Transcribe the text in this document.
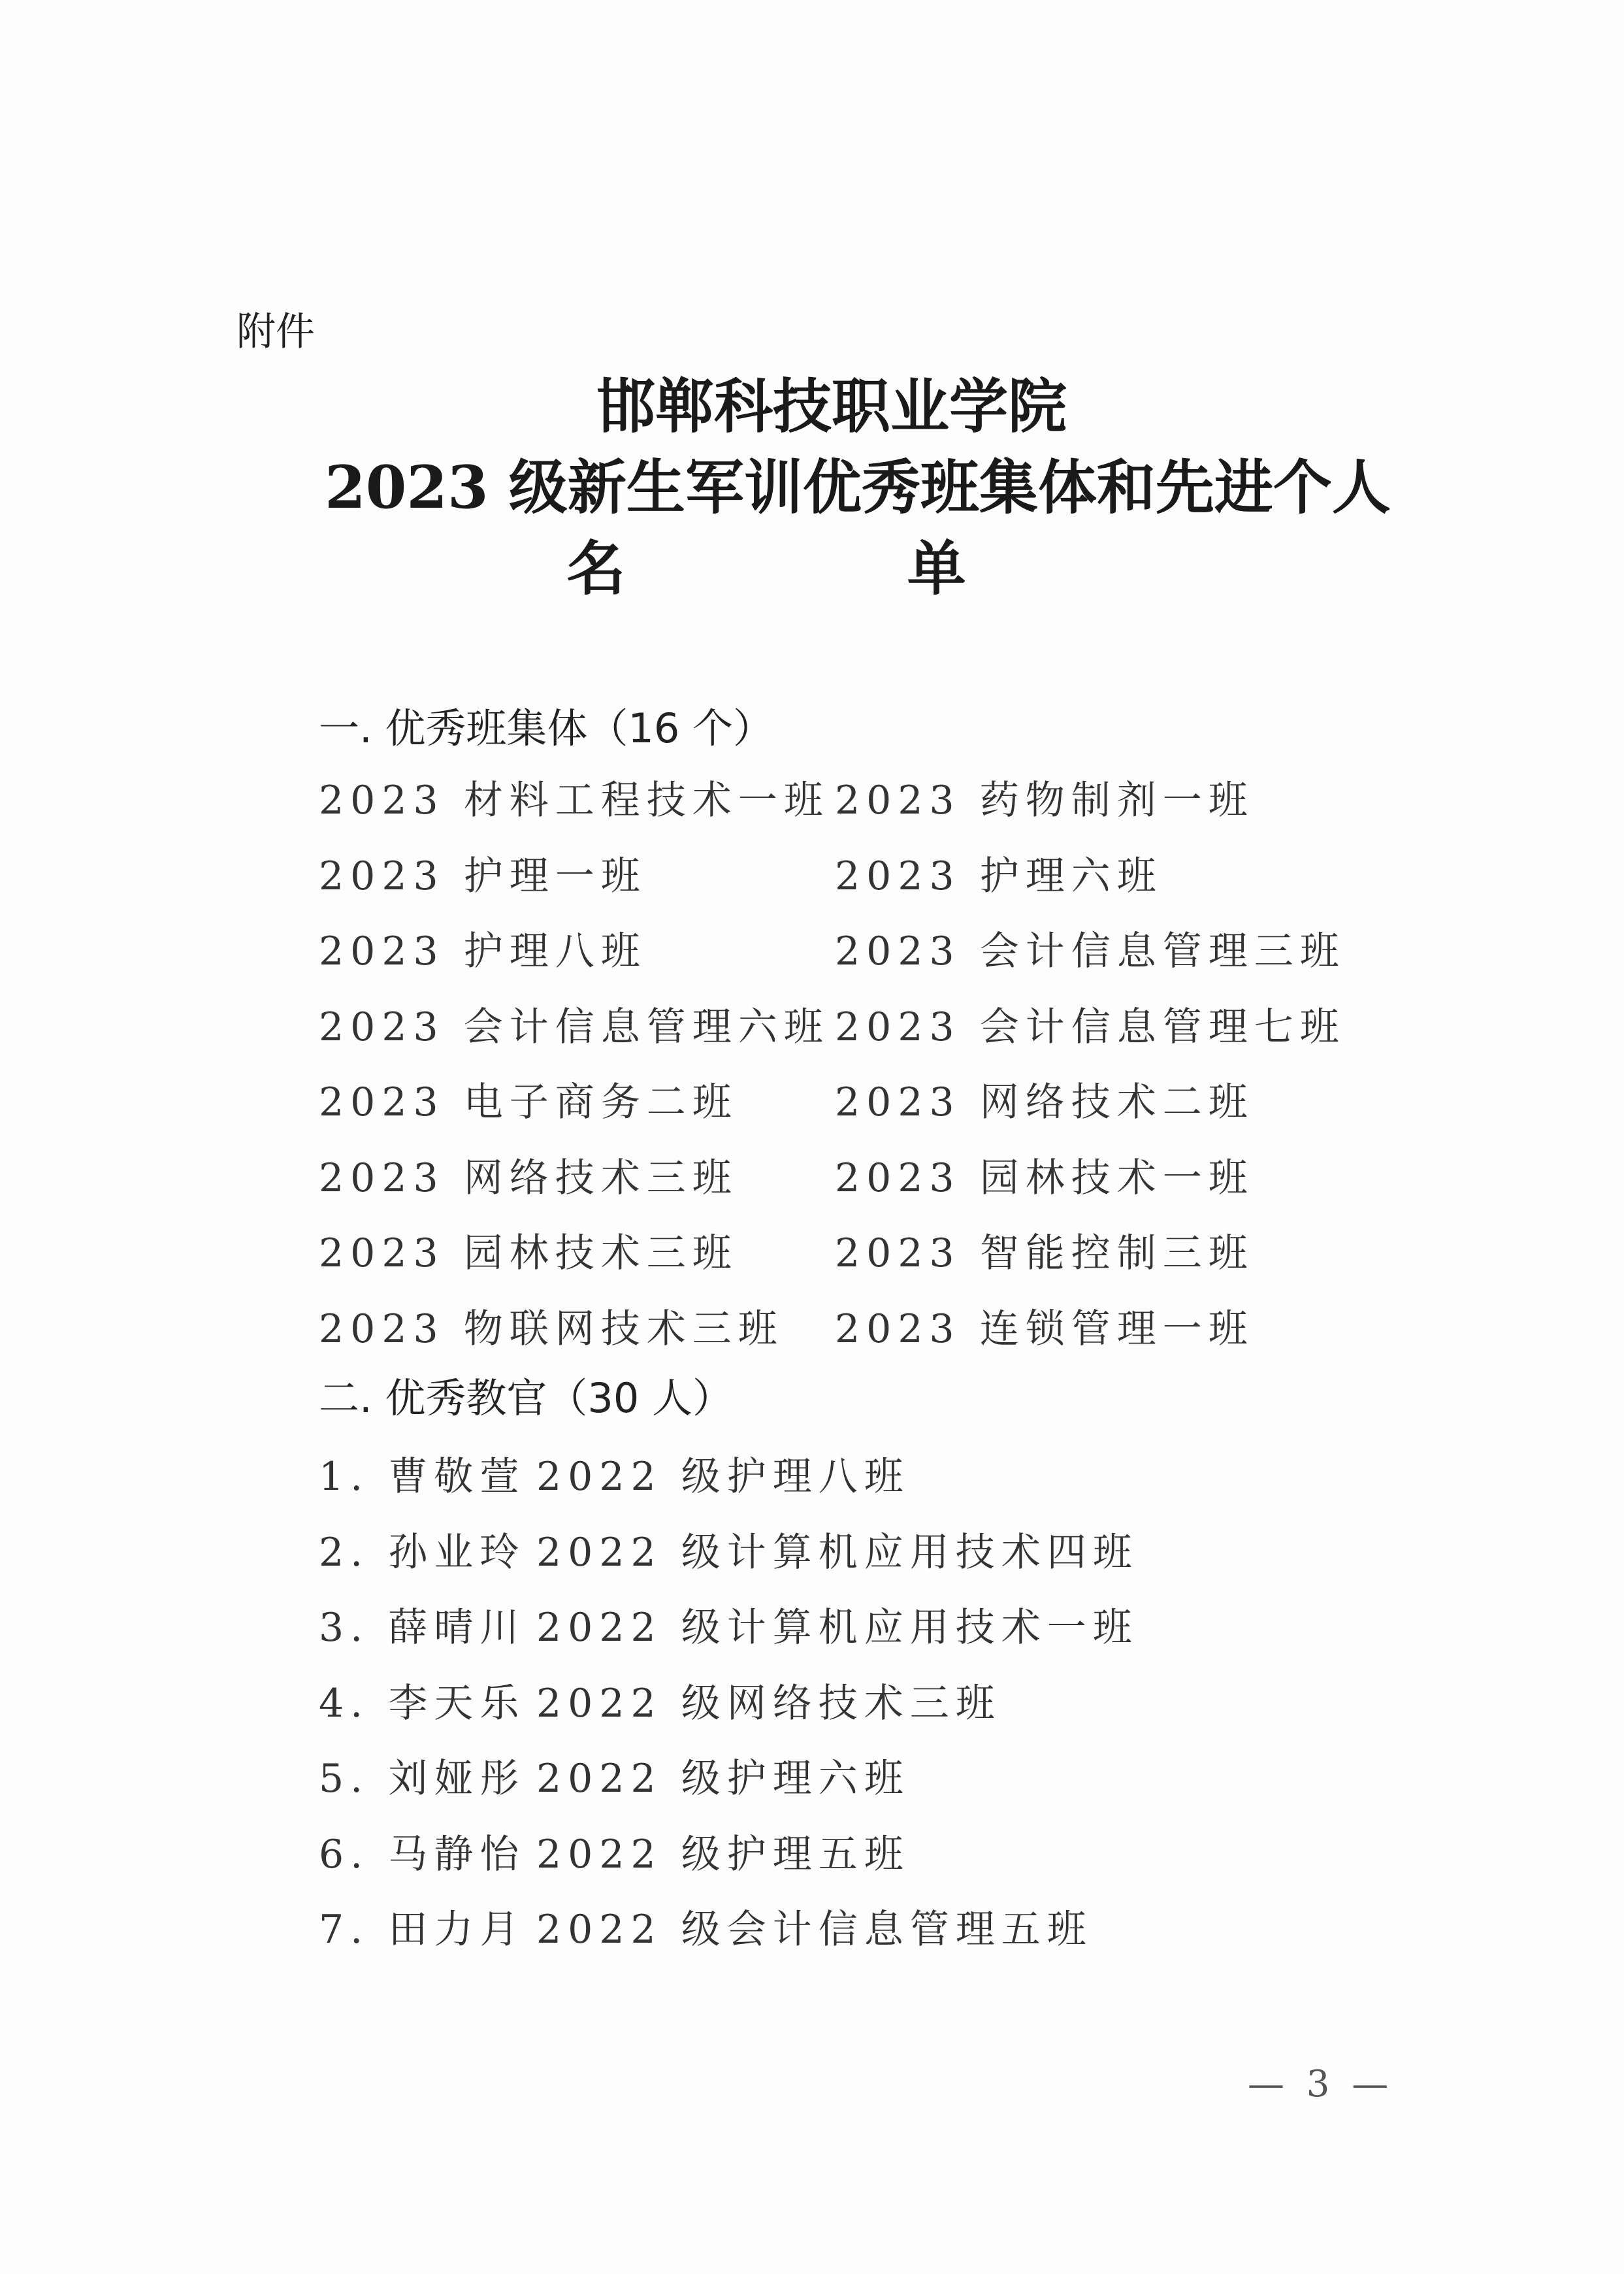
附件
邯郸科技职业学院
2023 级新生军训优秀班集体和先进个人
名 单
一. 优秀班集体（16 个）
2023 材料工程技术一班 2023 药物制剂一班
2023 护理一班	2023 护理六班
2023 护理八班	2023 会计信息管理三班
2023 会计信息管理六班 2023 会计信息管理七班
2023 电子商务二班 2023 网络技术二班
2023 网络技术三班 2023 园林技术一班
2023 园林技术三班 2023 智能控制三班
2023 物联网技术三班 2023 连锁管理一班
二. 优秀教官（30 人）
1. 曹敬萱 2022 级护理八班
2. 孙业玲 2022 级计算机应用技术四班
3. 薛晴川 2022 级计算机应用技术一班
4. 李天乐 2022 级网络技术三班
5. 刘娅彤 2022 级护理六班
6. 马静怡 2022 级护理五班
7. 田力月 2022 级会计信息管理五班
— 3 —
